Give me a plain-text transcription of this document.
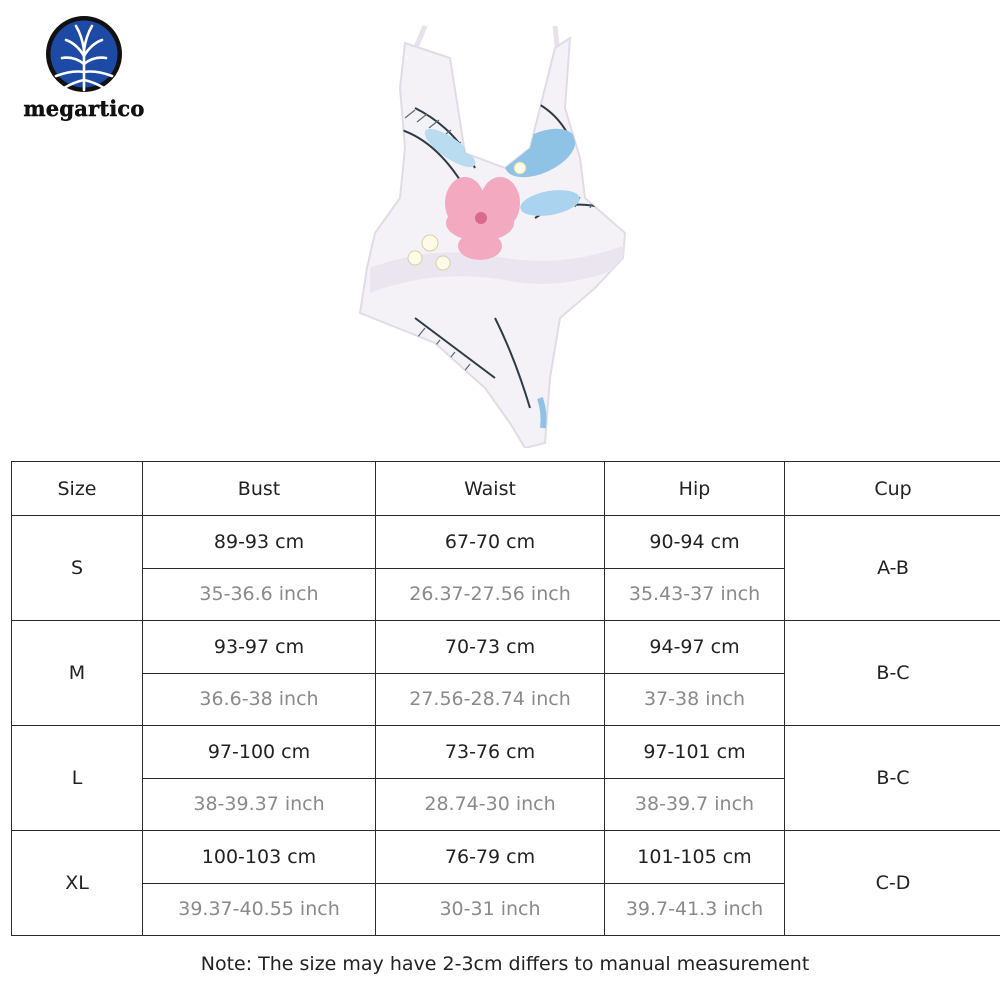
megartico
Size	Bust	Waist	Hip	Cup
S	89-93 cm	67-70 cm	90-94 cm	A-B
	35-36.6 inch	26.37-27.56 inch	35.43-37 inch	
M	93-97 cm	70-73 cm	94-97 cm	B-C
	36.6-38 inch	27.56-28.74 inch	37-38 inch	
L	97-100 cm	73-76 cm	97-101 cm	B-C
	38-39.37 inch	28.74-30 inch	38-39.7 inch	
XL	100-103 cm	76-79 cm	101-105 cm	C-D
	39.37-40.55 inch	30-31 inch	39.7-41.3 inch	
Note: The size may have 2-3cm differs to manual measurement
